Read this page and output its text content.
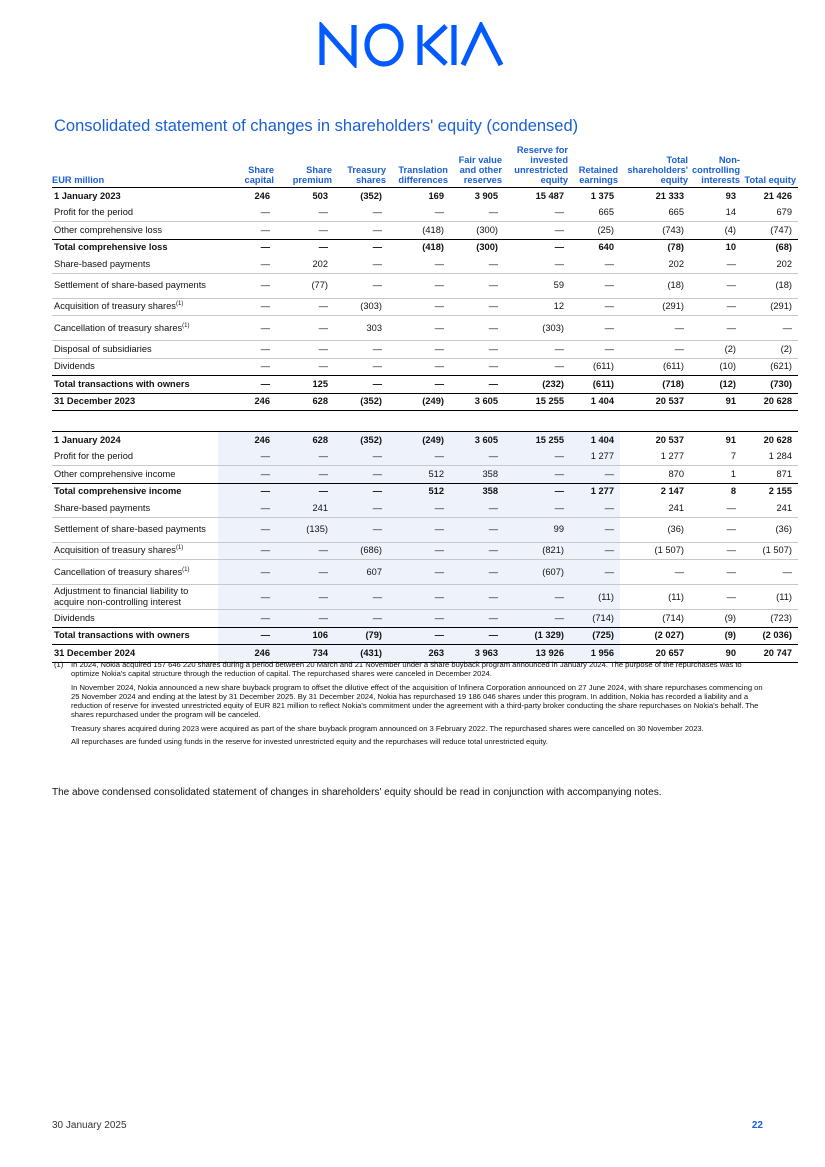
Consolidated statement of changes in shareholders' equity (condensed)
EUR million	Share capital	Share premium	Treasury shares	Translation differences	Fair value and other reserves	Reserve for invested unrestricted equity	Retained earnings	Total shareholders' equity	Non-controlling interests	Total equity
1 January 2023	246	503	(352)	169	3 905	15 487	1 375	21 333	93	21 426
Profit for the period	—	—	—	—	—	—	665	665	14	679
Other comprehensive loss	—	—	—	(418)	(300)	—	(25)	(743)	(4)	(747)
Total comprehensive loss	—	—	—	(418)	(300)	—	640	(78)	10	(68)
Share-based payments	—	202	—	—	—	—	—	202	—	202
Settlement of share-based payments	—	(77)	—	—	—	59	—	(18)	—	(18)
Acquisition of treasury shares$^{(1)}$	—	—	(303)	—	—	12	—	(291)	—	(291)
Cancellation of treasury shares$^{(1)}$	—	—	303	—	—	(303)	—	—	—	—
Disposal of subsidiaries	—	—	—	—	—	—	—	—	(2)	(2)
Dividends	—	—	—	—	—	—	(611)	(611)	(10)	(621)
Total transactions with owners	—	125	—	—	—	(232)	(611)	(718)	(12)	(730)
31 December 2023	246	628	(352)	(249)	3 605	15 255	1 404	20 537	91	20 628
1 January 2024	246	628	(352)	(249)	3 605	15 255	1 404	20 537	91	20 628
Profit for the period	—	—	—	—	—	—	1 277	1 277	7	1 284
Other comprehensive income	—	—	—	512	358	—	—	870	1	871
Total comprehensive income	—	—	—	512	358	—	1 277	2 147	8	2 155
Share-based payments	—	241	—	—	—	—	—	241	—	241
Settlement of share-based payments	—	(135)	—	—	—	99	—	(36)	—	(36)
Acquisition of treasury shares$^{(1)}$	—	—	(686)	—	—	(821)	—	(1 507)	—	(1 507)
Cancellation of treasury shares$^{(1)}$	—	—	607	—	—	(607)	—	—	—	—
Adjustment to financial liability to acquire non-controlling interest	—	—	—	—	—	—	(11)	(11)	—	(11)
Dividends	—	—	—	—	—	—	(714)	(714)	(9)	(723)
Total transactions with owners	—	106	(79)	—	—	(1 329)	(725)	(2 027)	(9)	(2 036)
31 December 2024	246	734	(431)	263	3 963	13 926	1 956	20 657	90	20 747
(1) In 2024, Nokia acquired 157 646 220 shares during a period between 20 March and 21 November under a share buyback program announced in January 2024. The purpose of the repurchases was to optimize Nokia's capital structure through the reduction of capital. The repurchased shares were canceled in December 2024.

In November 2024, Nokia announced a new share buyback program to offset the dilutive effect of the acquisition of Infinera Corporation announced on 27 June 2024, with share repurchases commencing on 25 November 2024 and ending at the latest by 31 December 2025. By 31 December 2024, Nokia has repurchased 19 186 046 shares under this program. In addition, Nokia has recorded a liability and a reduction of reserve for invested unrestricted equity of EUR 821 million to reflect Nokia's commitment under the agreement with a third-party broker conducting the share repurchases on Nokia's behalf. The shares repurchased under the program will be canceled.

Treasury shares acquired during 2023 were acquired as part of the share buyback program announced on 3 February 2022. The repurchased shares were cancelled on 30 November 2023.

All repurchases are funded using funds in the reserve for invested unrestricted equity and the repurchases will reduce total unrestricted equity.

The above condensed consolidated statement of changes in shareholders' equity should be read in conjunction with accompanying notes.
30 January 2025	22
